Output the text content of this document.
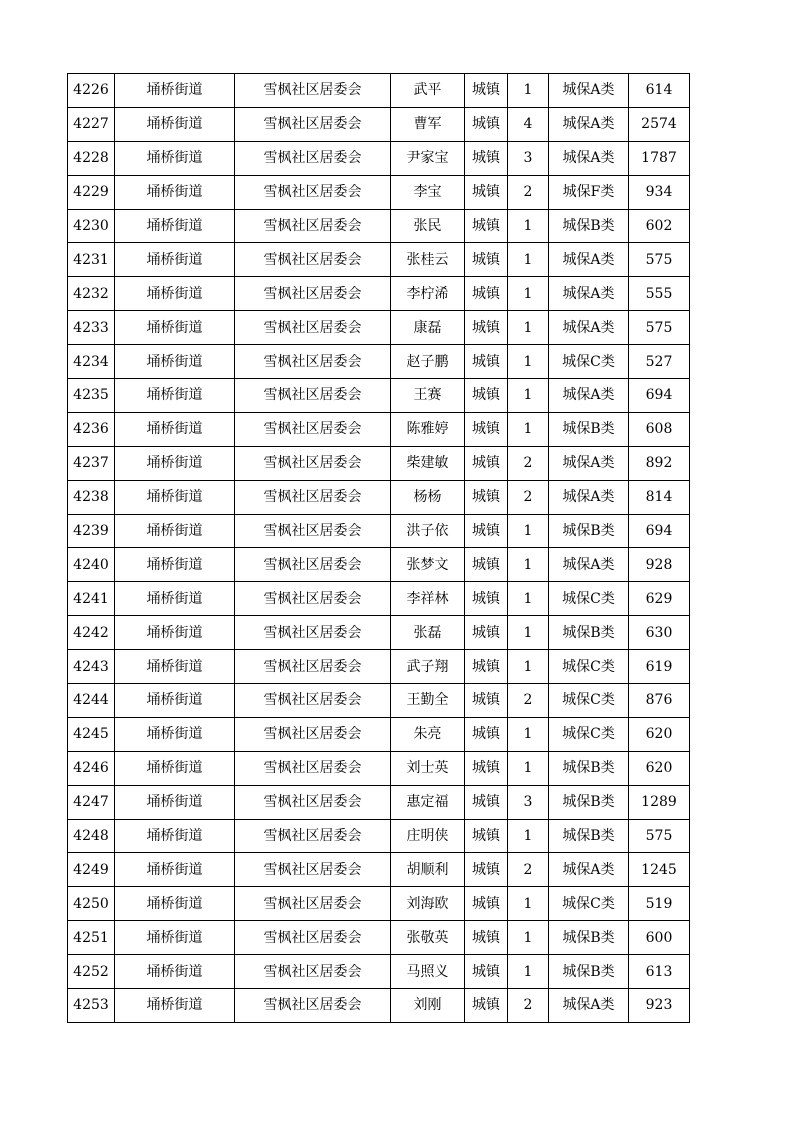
4226	埇桥街道	雪枫社区居委会	武平	城镇	1	城保A类	614
4227	埇桥街道	雪枫社区居委会	曹军	城镇	4	城保A类	2574
4228	埇桥街道	雪枫社区居委会	尹家宝	城镇	3	城保A类	1787
4229	埇桥街道	雪枫社区居委会	李宝	城镇	2	城保F类	934
4230	埇桥街道	雪枫社区居委会	张民	城镇	1	城保B类	602
4231	埇桥街道	雪枫社区居委会	张桂云	城镇	1	城保A类	575
4232	埇桥街道	雪枫社区居委会	李柠浠	城镇	1	城保A类	555
4233	埇桥街道	雪枫社区居委会	康磊	城镇	1	城保A类	575
4234	埇桥街道	雪枫社区居委会	赵子鹏	城镇	1	城保C类	527
4235	埇桥街道	雪枫社区居委会	王赛	城镇	1	城保A类	694
4236	埇桥街道	雪枫社区居委会	陈雅婷	城镇	1	城保B类	608
4237	埇桥街道	雪枫社区居委会	柴建敏	城镇	2	城保A类	892
4238	埇桥街道	雪枫社区居委会	杨杨	城镇	2	城保A类	814
4239	埇桥街道	雪枫社区居委会	洪子依	城镇	1	城保B类	694
4240	埇桥街道	雪枫社区居委会	张梦文	城镇	1	城保A类	928
4241	埇桥街道	雪枫社区居委会	李祥林	城镇	1	城保C类	629
4242	埇桥街道	雪枫社区居委会	张磊	城镇	1	城保B类	630
4243	埇桥街道	雪枫社区居委会	武子翔	城镇	1	城保C类	619
4244	埇桥街道	雪枫社区居委会	王勤全	城镇	2	城保C类	876
4245	埇桥街道	雪枫社区居委会	朱亮	城镇	1	城保C类	620
4246	埇桥街道	雪枫社区居委会	刘士英	城镇	1	城保B类	620
4247	埇桥街道	雪枫社区居委会	惠定福	城镇	3	城保B类	1289
4248	埇桥街道	雪枫社区居委会	庄明侠	城镇	1	城保B类	575
4249	埇桥街道	雪枫社区居委会	胡顺利	城镇	2	城保A类	1245
4250	埇桥街道	雪枫社区居委会	刘海欧	城镇	1	城保C类	519
4251	埇桥街道	雪枫社区居委会	张敬英	城镇	1	城保B类	600
4252	埇桥街道	雪枫社区居委会	马照义	城镇	1	城保B类	613
4253	埇桥街道	雪枫社区居委会	刘刚	城镇	2	城保A类	923
